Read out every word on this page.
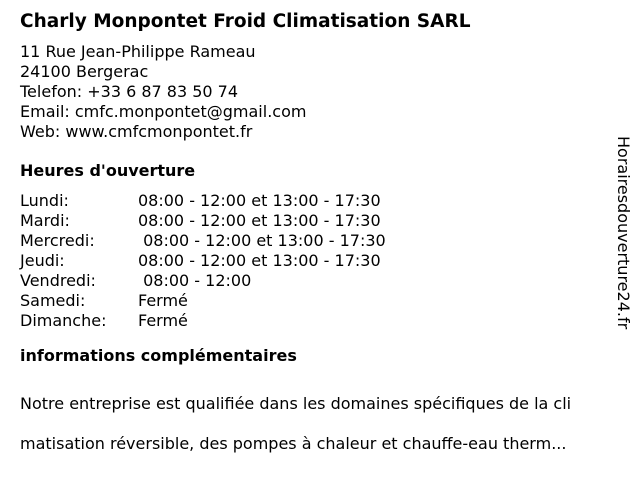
Charly Monpontet Froid Climatisation SARL
11 Rue Jean-Philippe Rameau
24100 Bergerac
Telefon: +33 6 87 83 50 74
Email: cmfc.monpontet@gmail.com
Web: www.cmfcmonpontet.fr
Heures d'ouverture
Lundi:	08:00 - 12:00 et 13:00 - 17:30
Mardi:	08:00 - 12:00 et 13:00 - 17:30
Mercredi:	08:00 - 12:00 et 13:00 - 17:30
Jeudi:	08:00 - 12:00 et 13:00 - 17:30
Vendredi:	08:00 - 12:00
Samedi:	Fermé
Dimanche:	Fermé
informations complémentaires

Notre entreprise est qualifiée dans les domaines spécifiques de la cli

matisation réversible, des pompes à chaleur et chauffe-eau therm...

Horairesdouverture24.fr
